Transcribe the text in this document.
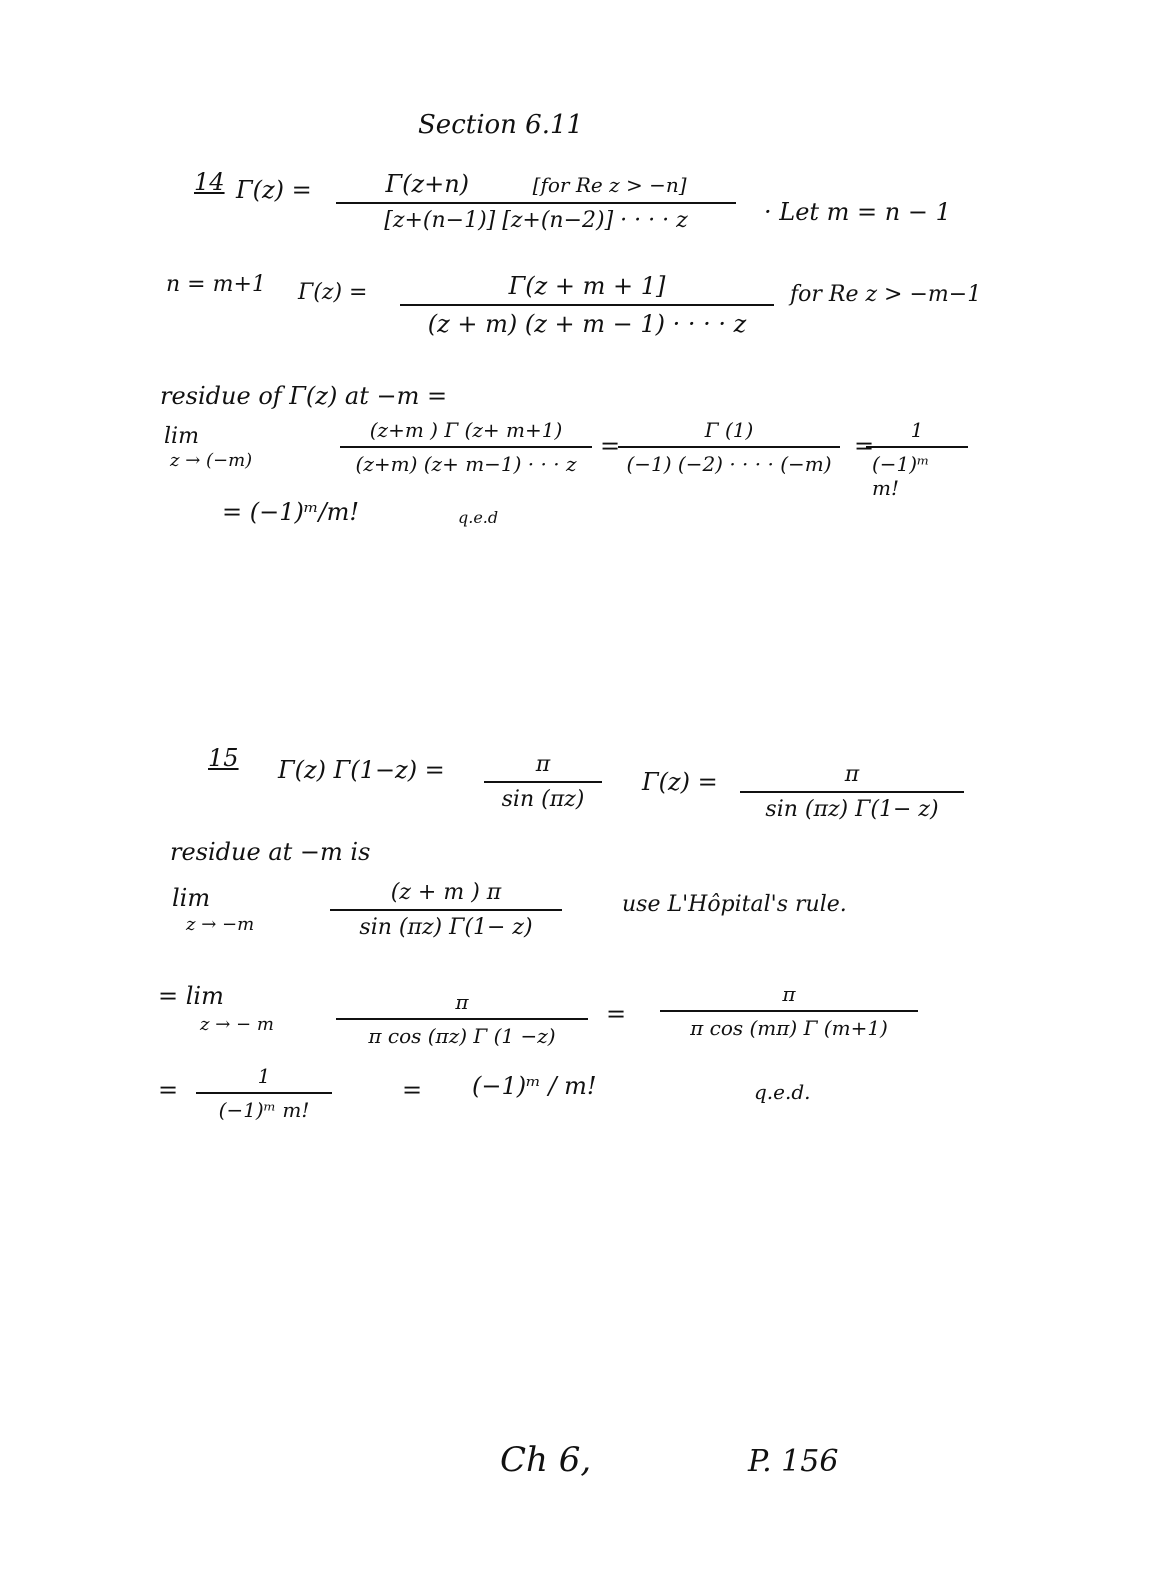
Section 6.11
14 Γ(z) =	Γ(z+n)	[for Re z > −n]
[z+(n−1)] [z+(n−2)] · · · · z	· Let m = n − 1
n = m+1 Γ(z) =	Γ(z + m + 1]
(z + m) (z + m − 1) · · · · z
for Re z > −m−1
residue of Γ(z) at −m =
lim
z → (−m)
(z+m ) Γ (z+ m+1)
(z+m) (z+ m−1) · · · z
=
Γ (1)
(−1) (−2) · · · · (−m)
=
1
(−1)ᵐ m!
= (−1)ᵐ/m!	q.e.d
15 Γ(z) Γ(1−z) =	π
sin (πz)
Γ(z) =	π
sin (πz) Γ(1− z)
residue at −m is
lim
z → −m
(z + m ) π
sin (πz) Γ(1− z)
use L'Hôpital's rule.
= lim
z → − m
π
π cos (πz) Γ (1 −z)
=
π
π cos (mπ) Γ (m+1)
=	1
(−1)ᵐ m!
= (−1)ᵐ / m!	q.e.d.
Ch 6,	P. 156
